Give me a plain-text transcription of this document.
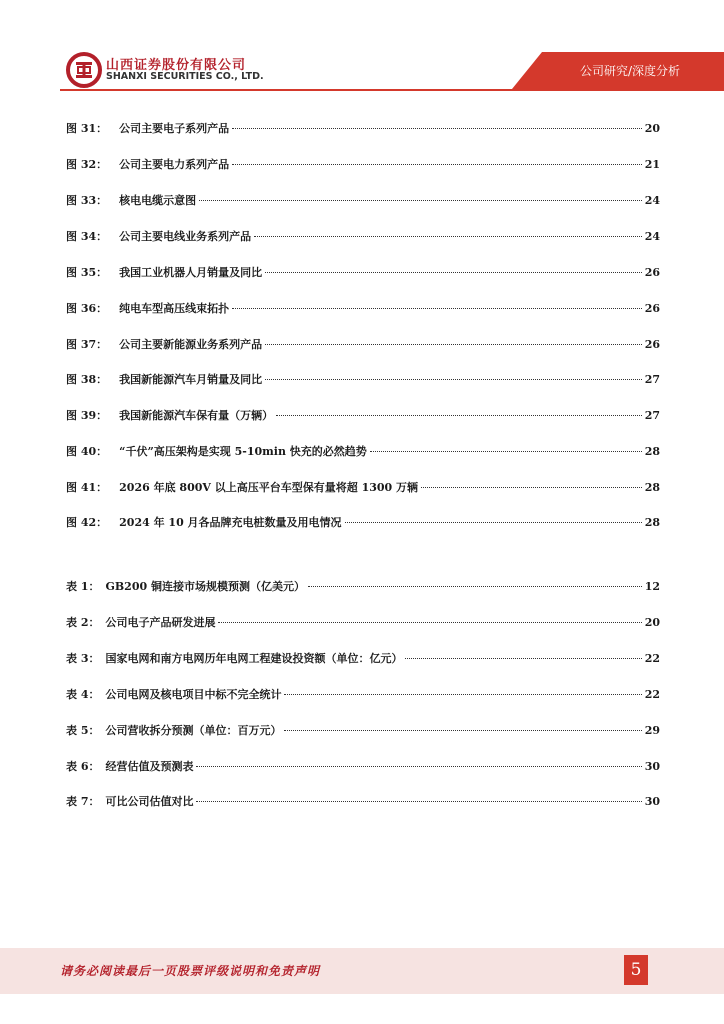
山西证券股份有限公司
SHANXI SECURITIES CO., LTD.	公司研究/深度分析
图 31： 公司主要电子系列产品	20
图 32： 公司主要电力系列产品	21
图 33： 核电电缆示意图	24
图 34： 公司主要电线业务系列产品	24
图 35： 我国工业机器人月销量及同比	26
图 36： 纯电车型高压线束拓扑	26
图 37： 公司主要新能源业务系列产品	26
图 38： 我国新能源汽车月销量及同比	27
图 39： 我国新能源汽车保有量（万辆）	27
图 40： “千伏”高压架构是实现 5-10min 快充的必然趋势	28
图 41： 2026 年底 800V 以上高压平台车型保有量将超 1300 万辆	28
图 42： 2024 年 10 月各品牌充电桩数量及用电情况	28
表 1： GB200 铜连接市场规模预测（亿美元）	12
表 2： 公司电子产品研发进展	20
表 3： 国家电网和南方电网历年电网工程建设投资额（单位：亿元）	22
表 4： 公司电网及核电项目中标不完全统计	22
表 5： 公司营收拆分预测（单位：百万元）	29
表 6： 经营估值及预测表	30
表 7： 可比公司估值对比	30
请务必阅读最后一页股票评级说明和免责声明	5
